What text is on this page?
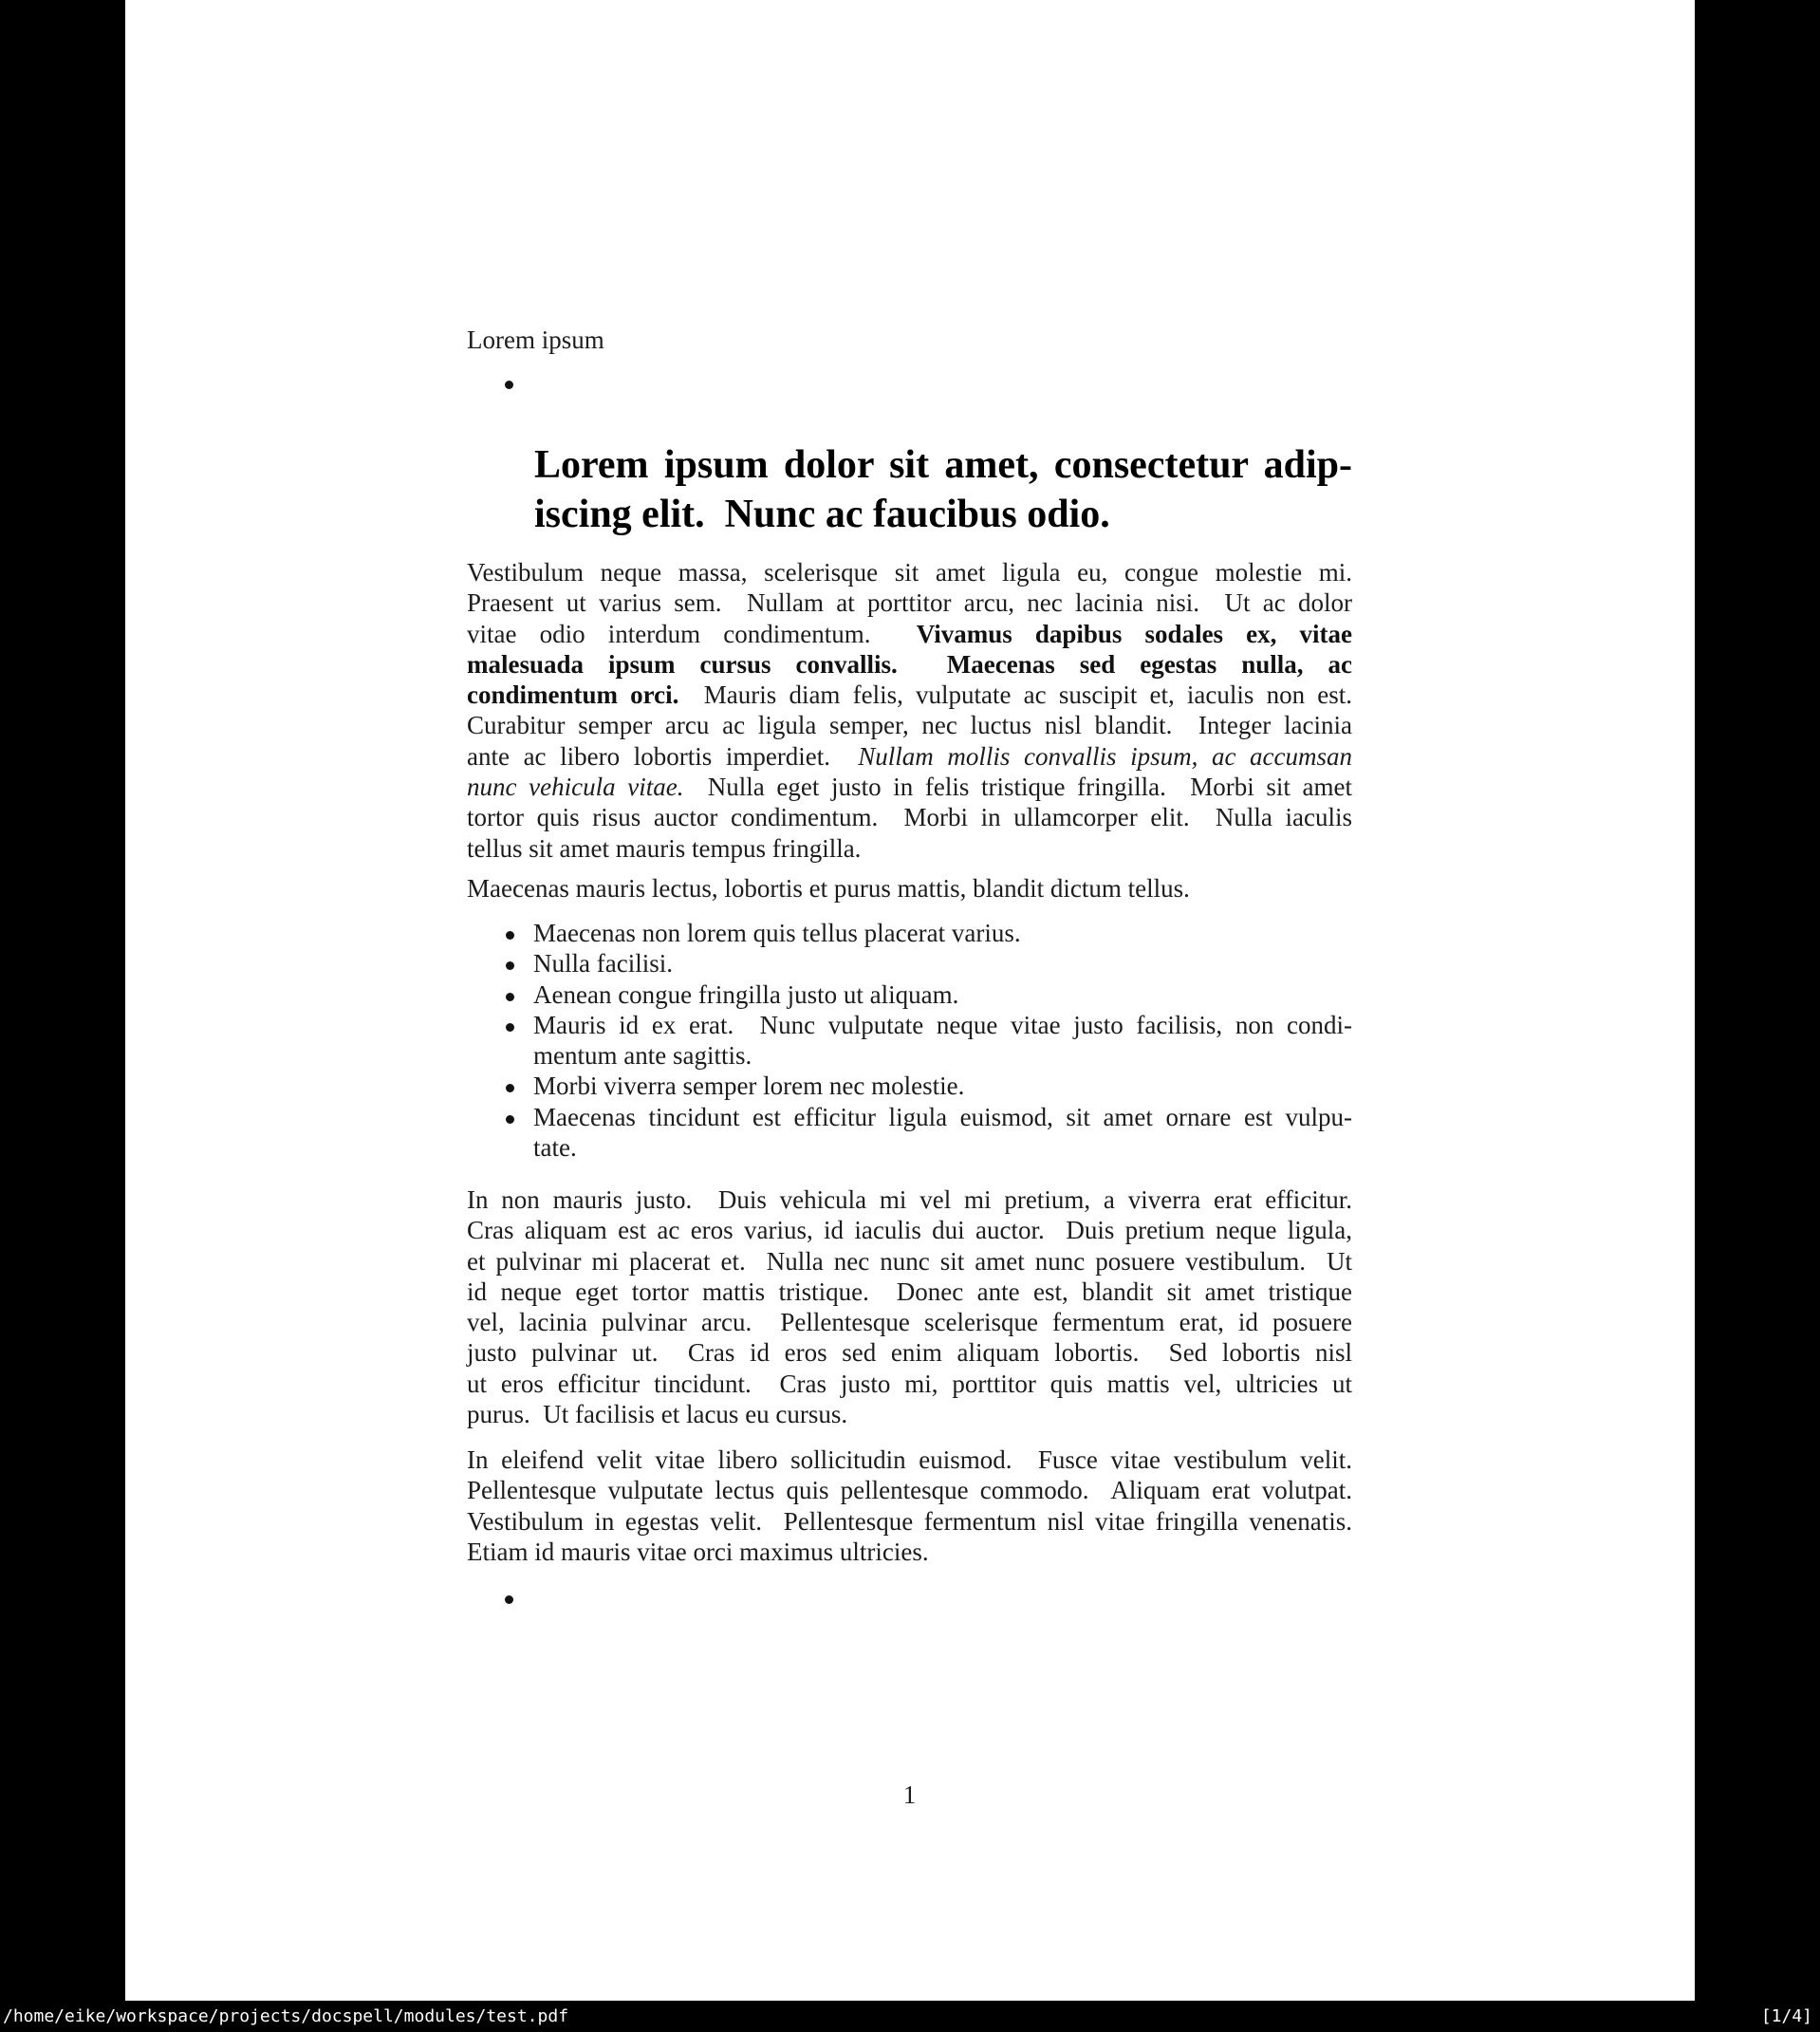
Lorem ipsum
Lorem ipsum dolor sit amet, consectetur adip-
iscing elit.  Nunc ac faucibus odio.
Vestibulum neque massa, scelerisque sit amet ligula eu, congue molestie mi.
Praesent ut varius sem.  Nullam at porttitor arcu, nec lacinia nisi.  Ut ac dolor
vitae odio interdum condimentum.  Vivamus dapibus sodales ex, vitae
malesuada ipsum cursus convallis.  Maecenas sed egestas nulla, ac
condimentum orci.  Mauris diam felis, vulputate ac suscipit et, iaculis non est.
Curabitur semper arcu ac ligula semper, nec luctus nisl blandit.  Integer lacinia
ante ac libero lobortis imperdiet.  Nullam mollis convallis ipsum, ac accumsan
nunc vehicula vitae.  Nulla eget justo in felis tristique fringilla.  Morbi sit amet
tortor quis risus auctor condimentum.  Morbi in ullamcorper elit.  Nulla iaculis
tellus sit amet mauris tempus fringilla.
Maecenas mauris lectus, lobortis et purus mattis, blandit dictum tellus.
Maecenas non lorem quis tellus placerat varius.
Nulla facilisi.
Aenean congue fringilla justo ut aliquam.
Mauris id ex erat.  Nunc vulputate neque vitae justo facilisis, non condi-
mentum ante sagittis.
Morbi viverra semper lorem nec molestie.
Maecenas tincidunt est efficitur ligula euismod, sit amet ornare est vulpu-
tate.
In non mauris justo.  Duis vehicula mi vel mi pretium, a viverra erat efficitur.
Cras aliquam est ac eros varius, id iaculis dui auctor.  Duis pretium neque ligula,
et pulvinar mi placerat et.  Nulla nec nunc sit amet nunc posuere vestibulum.  Ut
id neque eget tortor mattis tristique.  Donec ante est, blandit sit amet tristique
vel, lacinia pulvinar arcu.  Pellentesque scelerisque fermentum erat, id posuere
justo pulvinar ut.  Cras id eros sed enim aliquam lobortis.  Sed lobortis nisl
ut eros efficitur tincidunt.  Cras justo mi, porttitor quis mattis vel, ultricies ut
purus.  Ut facilisis et lacus eu cursus.
In eleifend velit vitae libero sollicitudin euismod.  Fusce vitae vestibulum velit.
Pellentesque vulputate lectus quis pellentesque commodo.  Aliquam erat volutpat.
Vestibulum in egestas velit.  Pellentesque fermentum nisl vitae fringilla venenatis.
Etiam id mauris vitae orci maximus ultricies.
1
/home/eike/workspace/projects/docspell/modules/test.pdf	[1/4]
